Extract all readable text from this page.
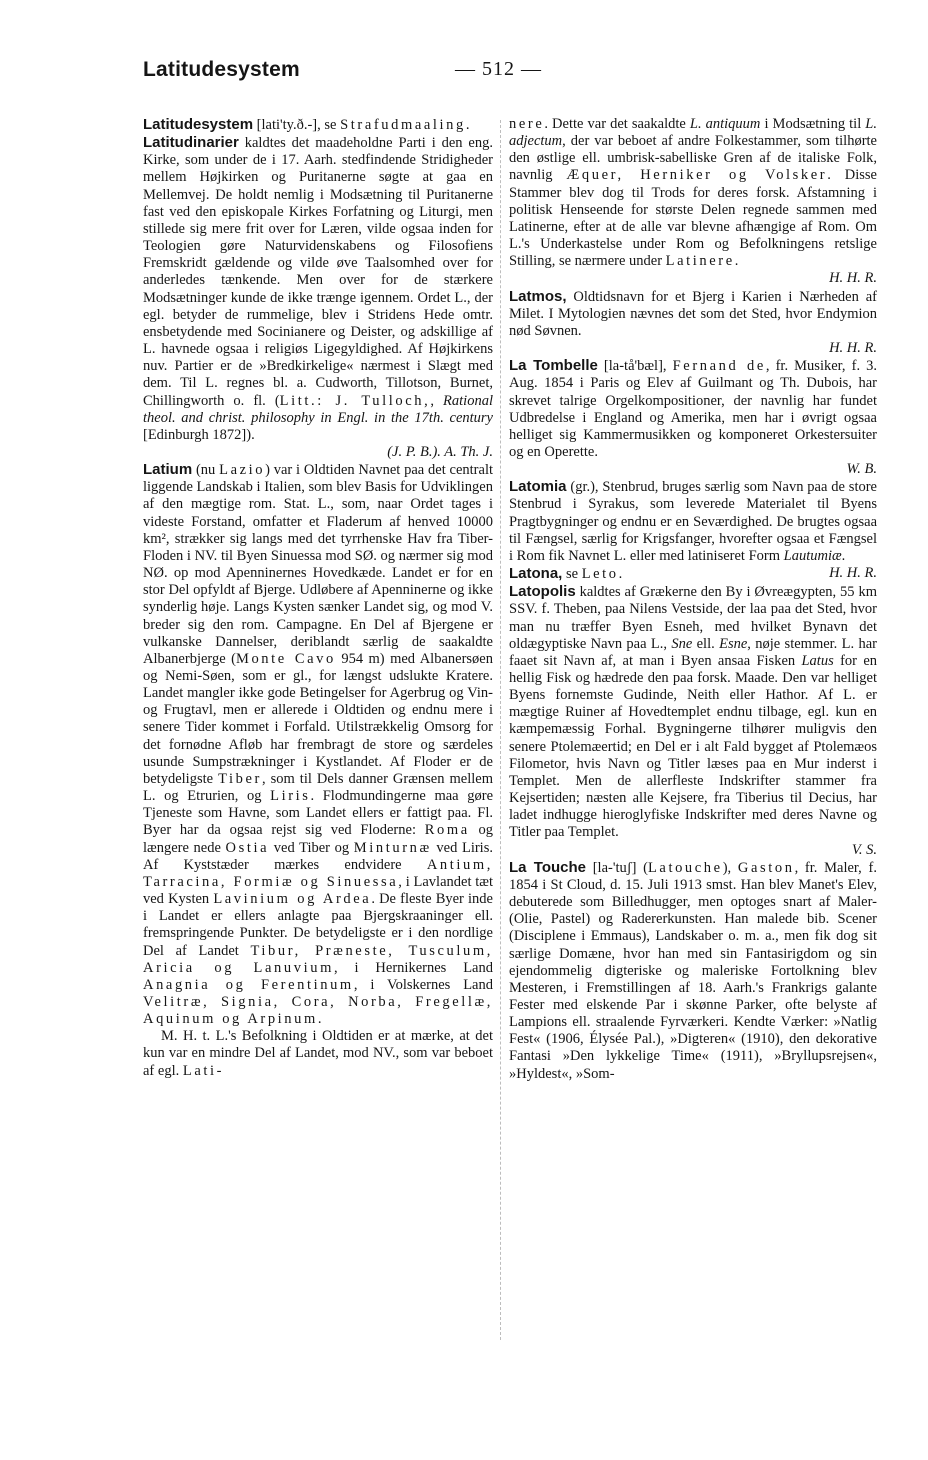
Latitudesystem	— 512 —

Latitudesystem [lati'ty.ð.-], se Strafudmaaling.

Latitudinarier kaldtes det maadeholdne Parti i den eng. Kirke, som under de i 17. Aarh. stedfindende Stridigheder mellem Højkirken og Puritanerne søgte at gaa en Mellemvej. De holdt nemlig i Modsætning til Puritanerne fast ved den episkopale Kirkes Forfatning og Liturgi, men stillede sig mere frit over for Læren, vilde ogsaa inden for Teologien gøre Naturvidenskabens og Filosofiens Fremskridt gældende og vilde øve Taalsomhed over for anderledes tænkende. Men over for de stærkere Modsætninger kunde de ikke trænge igennem. Ordet L., der egl. betyder de rummelige, blev i Stridens Hede omtr. ensbetydende med Socinianere og Deister, og adskillige af L. havnede ogsaa i religiøs Ligegyldighed. Af Højkirkens nuv. Partier er de »Bredkirkelige« nærmest i Slægt med dem. Til L. regnes bl. a. Cudworth, Tillotson, Burnet, Chillingworth o. fl. (Litt.: J. Tulloch,, Rational theol. and christ. philosophy in Engl. in the 17th. century [Edinburgh 1872]).
(J. P. B.). A. Th. J.

Latium (nu Lazio) var i Oldtiden Navnet paa det centralt liggende Landskab i Italien, som blev Basis for Udviklingen af den mægtige rom. Stat. L., som, naar Ordet tages i videste Forstand, omfatter et Fladerum af henved 10000 km², strækker sig langs med det tyrrhenske Hav fra Tiber-Floden i NV. til Byen Sinuessa mod SØ. og nærmer sig mod NØ. op mod Apenninernes Hovedkæde. Landet er for en stor Del opfyldt af Bjerge. Udløbere af Apenninerne og ikke synderlig høje. Langs Kysten sænker Landet sig, og mod V. breder sig den rom. Campagne. En Del af Bjergene er vulkanske Dannelser, deriblandt særlig de saakaldte Albanerbjerge (Monte Cavo 954 m) med Albanersøen og Nemi-Søen, som er gl., for længst udslukte Kratere. Landet mangler ikke gode Betingelser for Agerbrug og Vin- og Frugtavl, men er allerede i Oldtiden og endnu mere i senere Tider kommet i Forfald. Utilstrækkelig Omsorg for det fornødne Afløb har frembragt de store og særdeles usunde Sumpstrækninger i Kystlandet. Af Floder er de betydeligste Tiber, som til Dels danner Grænsen mellem L. og Etrurien, og Liris. Flodmundingerne maa gøre Tjeneste som Havne, som Landet ellers er fattigt paa. Fl. Byer har da ogsaa rejst sig ved Floderne: Roma og længere nede Ostia ved Tiber og Minturnæ ved Liris. Af Kyststæder mærkes endvidere Antium, Tarracina, Formiæ og Sinuessa, i Lavlandet tæt ved Kysten Lavinium og Ardea. De fleste Byer inde i Landet er ellers anlagte paa Bjergskraaninger ell. fremspringende Punkter. De betydeligste er i den nordlige Del af Landet Tibur, Præneste, Tusculum, Aricia og Lanuvium, i Hernikernes Land Anagnia og Ferentinum, i Volskernes Land Velitræ, Signia, Cora, Norba, Fregellæ, Aquinum og Arpinum.

M. H. t. L.'s Befolkning i Oldtiden er at mærke, at det kun var en mindre Del af Landet, mod NV., som var beboet af egl. Lati-

nere. Dette var det saakaldte L. antiquum i Modsætning til L. adjectum, der var beboet af andre Folkestammer, som tilhørte den østlige ell. umbrisk-sabelliske Gren af de italiske Folk, navnlig Æquer, Herniker og Volsker. Disse Stammer blev dog til Trods for deres forsk. Afstamning i politisk Henseende for største Delen regnede sammen med Latinerne, efter at de alle var blevne afhængige af Rom. Om L.'s Underkastelse under Rom og Befolkningens retslige Stilling, se nærmere under Latinere.
H. H. R.

Latmos, Oldtidsnavn for et Bjerg i Karien i Nærheden af Milet. I Mytologien nævnes det som det Sted, hvor Endymion nød Søvnen.
H. H. R.

La Tombelle [la-tå'bæl], Fernand de, fr. Musiker, f. 3. Aug. 1854 i Paris og Elev af Guilmant og Th. Dubois, har skrevet talrige Orgelkompositioner, der navnlig har fundet Udbredelse i England og Amerika, men har i øvrigt ogsaa helliget sig Kammermusikken og komponeret Orkestersuiter og en Operette.
W. B.

Latomia (gr.), Stenbrud, bruges særlig som Navn paa de store Stenbrud i Syrakus, som leverede Materialet til Byens Pragtbygninger og endnu er en Seværdighed. De brugtes ogsaa til Fængsel, særlig for Krigsfanger, hvorefter ogsaa et Fængsel i Rom fik Navnet L. eller med latiniseret Form Lautumiæ.
H. H. R.

Latona, se Leto.

Latopolis kaldtes af Grækerne den By i Øvreægypten, 55 km SSV. f. Theben, paa Nilens Vestside, der laa paa det Sted, hvor man nu træffer Byen Esneh, med hvilket Bynavn det oldægyptiske Navn paa L., Sne ell. Esne, nøje stemmer. L. har faaet sit Navn af, at man i Byen ansaa Fisken Latus for en hellig Fisk og hædrede den paa forsk. Maade. Den var helliget Byens fornemste Gudinde, Neith eller Hathor. Af L. er mægtige Ruiner af Hovedtemplet endnu tilbage, egl. kun en kæmpemæssig Forhal. Bygningerne tilhører muligvis den senere Ptolemæertid; en Del er i alt Fald bygget af Ptolemæos Filometor, hvis Navn og Titler læses paa en Mur inderst i Templet. Men de allerfleste Indskrifter stammer fra Kejsertiden; næsten alle Kejsere, fra Tiberius til Decius, har ladet indhugge hieroglyfiske Indskrifter med deres Navne og Titler paa Templet.
V. S.

La Touche [la-'tuʃ] (Latouche), Gaston, fr. Maler, f. 1854 i St Cloud, d. 15. Juli 1913 smst. Han blev Manet's Elev, debuterede som Billedhugger, men optoges snart af Maler- (Olie, Pastel) og Radererkunsten. Han malede bib. Scener (Disciplene i Emmaus), Landskaber o. m. a., men fik dog sit særlige Domæne, hvor han med sin Fantasirigdom og sin ejendommelig digteriske og maleriske Fortolkning blev Mesteren, i Fremstillingen af 18. Aarh.'s Frankrigs galante Fester med elskende Par i skønne Parker, ofte belyste af Lampions ell. straalende Fyrværkeri. Kendte Værker: »Natlig Fest« (1906, Élysée Pal.), »Digteren« (1910), den dekorative Fantasi »Den lykkelige Time« (1911), »Bryllupsrejsen«, »Hyldest«, »Som-
